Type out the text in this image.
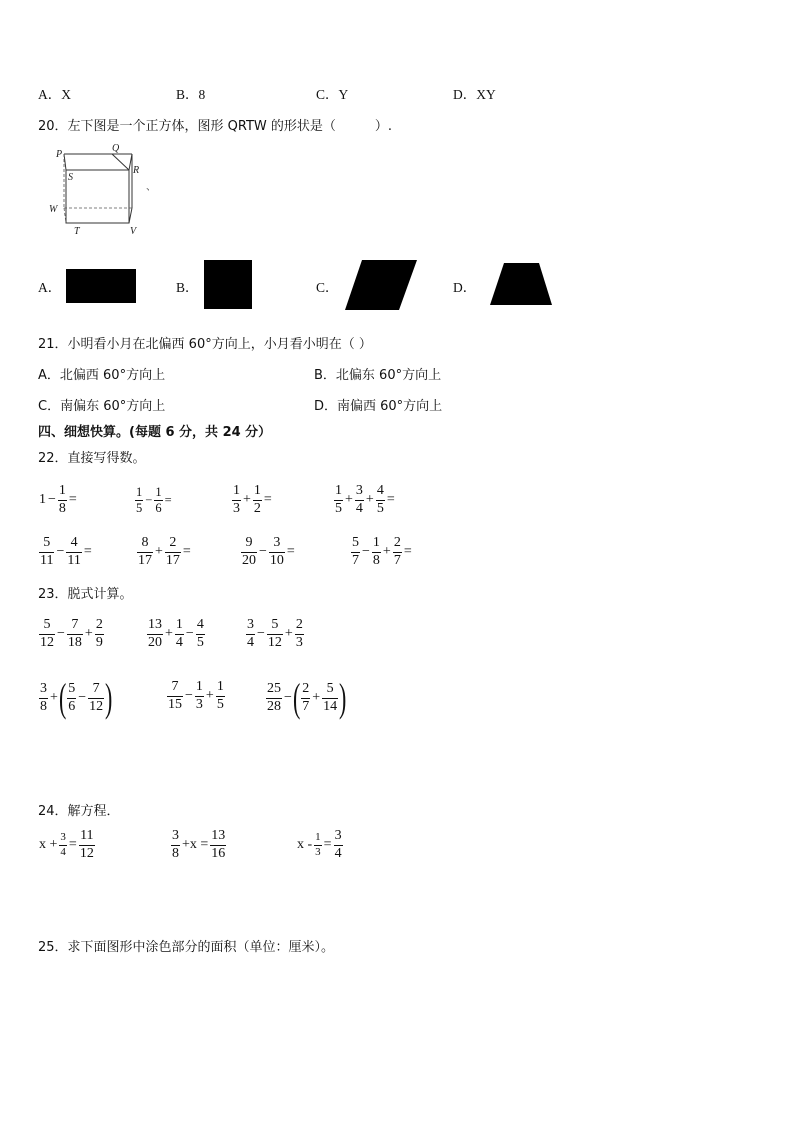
A．X	B．8	C．Y	D．XY
20．左下图是一个正方体，图形 QRTW 的形状是（　　　）.
P
Q
R
S
W
T	V
、
A．	B．	C．	D．
21．小明看小月在北偏西 60°方向上，小月看小明在（ ）
A．北偏西 60°方向上	B．北偏东 60°方向上
C．南偏东 60°方向上	D．南偏西 60°方向上
四、细想快算。(每题 6 分，共 24 分）
22．直接写得数。
$1 - \frac{1}{8}$ =	$\frac{1}{5} - \frac{1}{6}$ =	$\frac{1}{3} + \frac{1}{2}$ =	$\frac{1}{5} + \frac{3}{4} + \frac{4}{5}$ =
$\frac{5}{11} - \frac{4}{11}$ =	$\frac{8}{17} + \frac{2}{17}$ =	$\frac{9}{20} - \frac{3}{10}$ =	$\frac{5}{7} - \frac{1}{8} + \frac{2}{7}$ =
23．脱式计算。
$\frac{5}{12} - \frac{7}{18} + \frac{2}{9}$	$\frac{13}{20} + \frac{1}{4} - \frac{4}{5}$	$\frac{3}{4} - \frac{5}{12} + \frac{2}{3}$
$\frac{3}{8}$ + ( $\frac{5}{6} - \frac{7}{12}$ )	$\frac{7}{15} - \frac{1}{3} + \frac{1}{5}$	$\frac{25}{28}$ − ( $\frac{2}{7} + \frac{5}{14}$ )
24．解方程．
$x + \frac{3}{4} = \frac{11}{12}$	$\frac{3}{8} +x = \frac{13}{16}$	$x - \frac{1}{3} = \frac{3}{4}$
25．求下面图形中涂色部分的面积（单位：厘米）。
